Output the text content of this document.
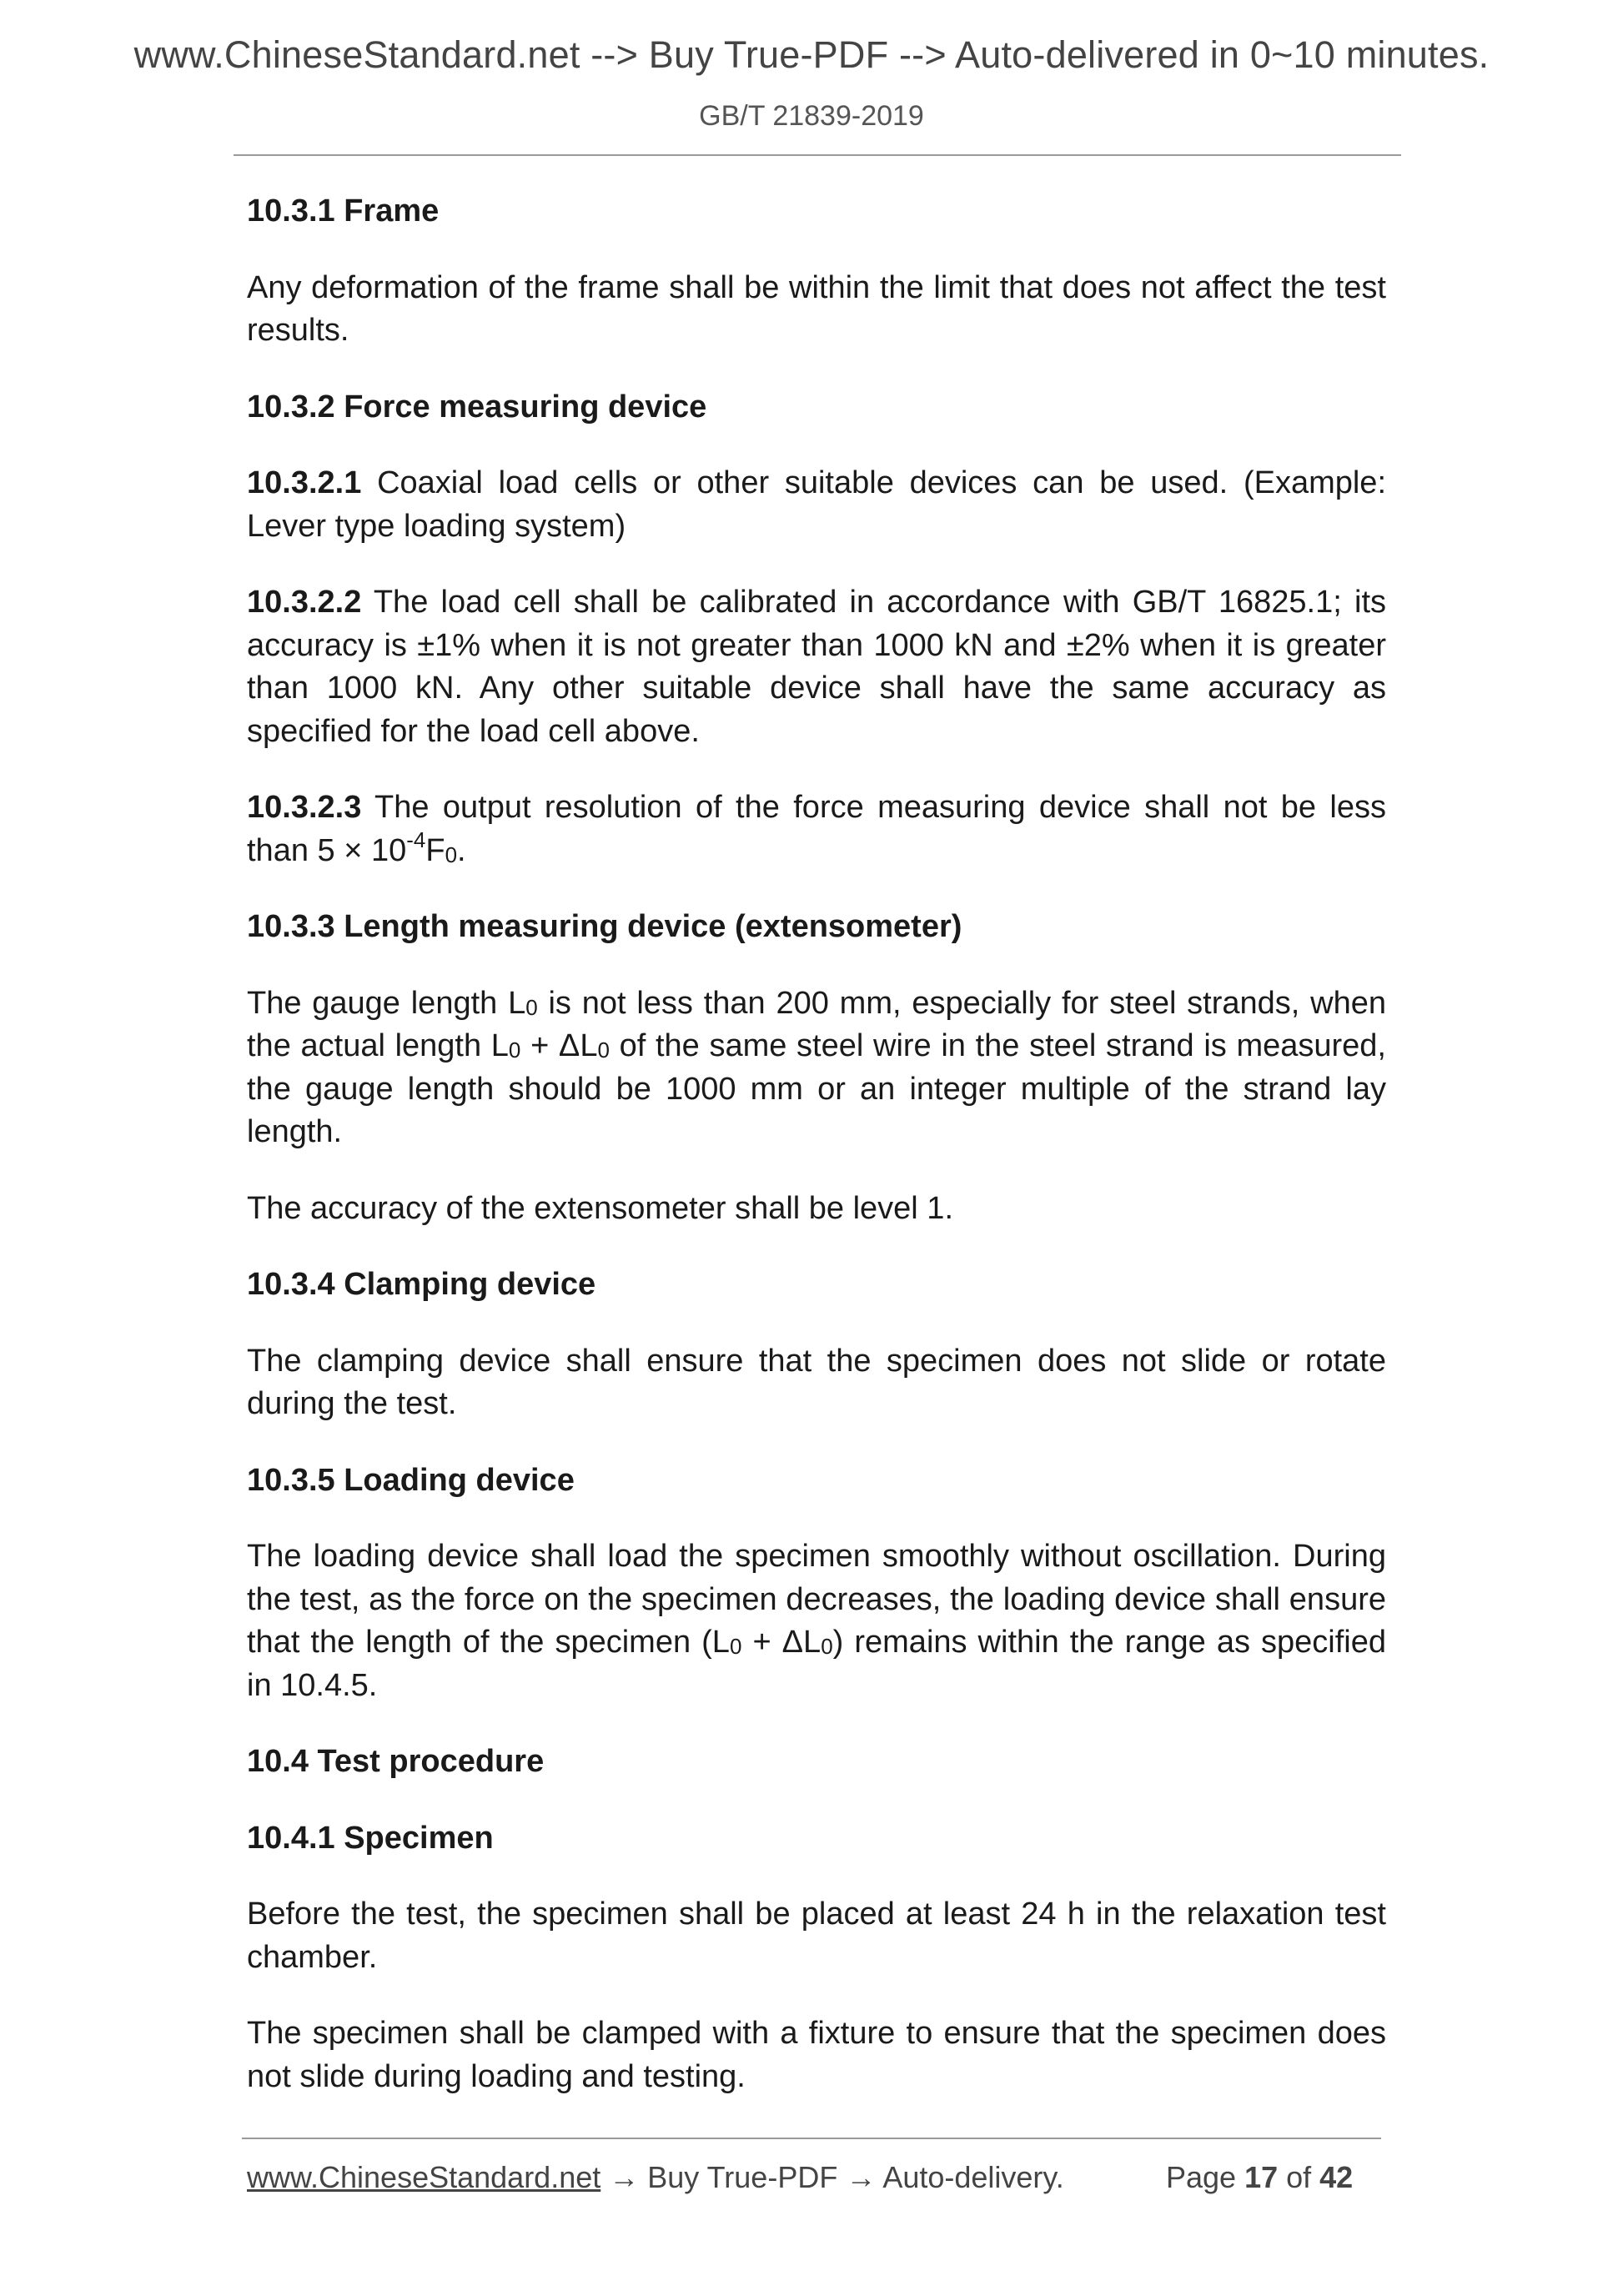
www.ChineseStandard.net --> Buy True-PDF --> Auto-delivered in 0~10 minutes.
GB/T 21839-2019
10.3.1 Frame
Any deformation of the frame shall be within the limit that does not affect the test results.
10.3.2 Force measuring device
10.3.2.1 Coaxial load cells or other suitable devices can be used. (Example: Lever type loading system)
10.3.2.2 The load cell shall be calibrated in accordance with GB/T 16825.1; its accuracy is ±1% when it is not greater than 1000 kN and ±2% when it is greater than 1000 kN. Any other suitable device shall have the same accuracy as specified for the load cell above.
10.3.2.3 The output resolution of the force measuring device shall not be less than $5 \times 10^{-4}F_0$.
10.3.3 Length measuring device (extensometer)
The gauge length $L_0$ is not less than 200 mm, especially for steel strands, when the actual length $L_0 + \Delta L_0$ of the same steel wire in the steel strand is measured, the gauge length should be 1000 mm or an integer multiple of the strand lay length.
The accuracy of the extensometer shall be level 1.
10.3.4 Clamping device
The clamping device shall ensure that the specimen does not slide or rotate during the test.
10.3.5 Loading device
The loading device shall load the specimen smoothly without oscillation. During the test, as the force on the specimen decreases, the loading device shall ensure that the length of the specimen $(L_0 + \Delta L_0)$ remains within the range as specified in 10.4.5.
10.4 Test procedure
10.4.1 Specimen
Before the test, the specimen shall be placed at least 24 h in the relaxation test chamber.
The specimen shall be clamped with a fixture to ensure that the specimen does not slide during loading and testing.
www.ChineseStandard.net → Buy True-PDF → Auto-delivery.	Page 17 of 42
